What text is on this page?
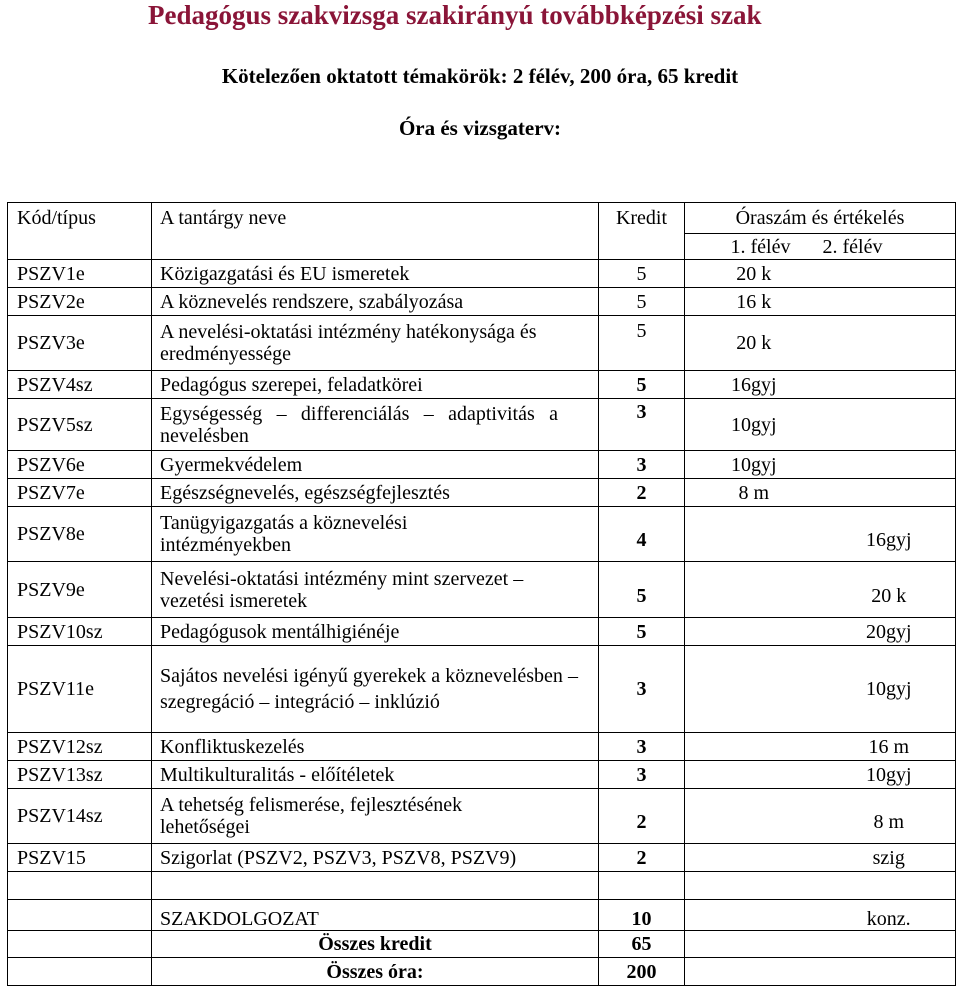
Pedagógus szakvizsga szakirányú továbbképzési szak
Kötelezően oktatott témakörök: 2 félév, 200 óra, 65 kredit
Óra és vizsgaterv:
Kód/típus	A tantárgy neve	Kredit	Óraszám és értékelés	
			1. félév	2. félév
PSZV1e	Közigazgatási és EU ismeretek	5	20 k	
PSZV2e	A köznevelés rendszere, szabályozása	5	16 k	
PSZV3e	A nevelési-oktatási intézmény hatékonysága és eredményessége	5	20 k	
PSZV4sz	Pedagógus szerepei, feladatkörei	5	16gyj	
PSZV5sz	Egységesség – differenciálás – adaptivitás a nevelésben	3	10gyj	
PSZV6e	Gyermekvédelem	3	10gyj	
PSZV7e	Egészségnevelés, egészségfejlesztés	2	8 m	
PSZV8e	Tanügyigazgatás a köznevelési intézményekben	4		16gyj
PSZV9e	Nevelési-oktatási intézmény mint szervezet – vezetési ismeretek	5		20 k
PSZV10sz	Pedagógusok mentálhigiénéje	5		20gyj
PSZV11e	Sajátos nevelési igényű gyerekek a köznevelésben – szegregáció – integráció – inklúzió	3		10gyj
PSZV12sz	Konfliktuskezelés	3		16 m
PSZV13sz	Multikulturalitás - előítéletek	3		10gyj
PSZV14sz	A tehetség felismerése, fejlesztésének lehetőségei	2		8 m
PSZV15	Szigorlat (PSZV2, PSZV3, PSZV8, PSZV9)	2		szig

	SZAKDOLGOZAT	10		konz.
	Összes kredit	65		
	Összes óra:	200		
